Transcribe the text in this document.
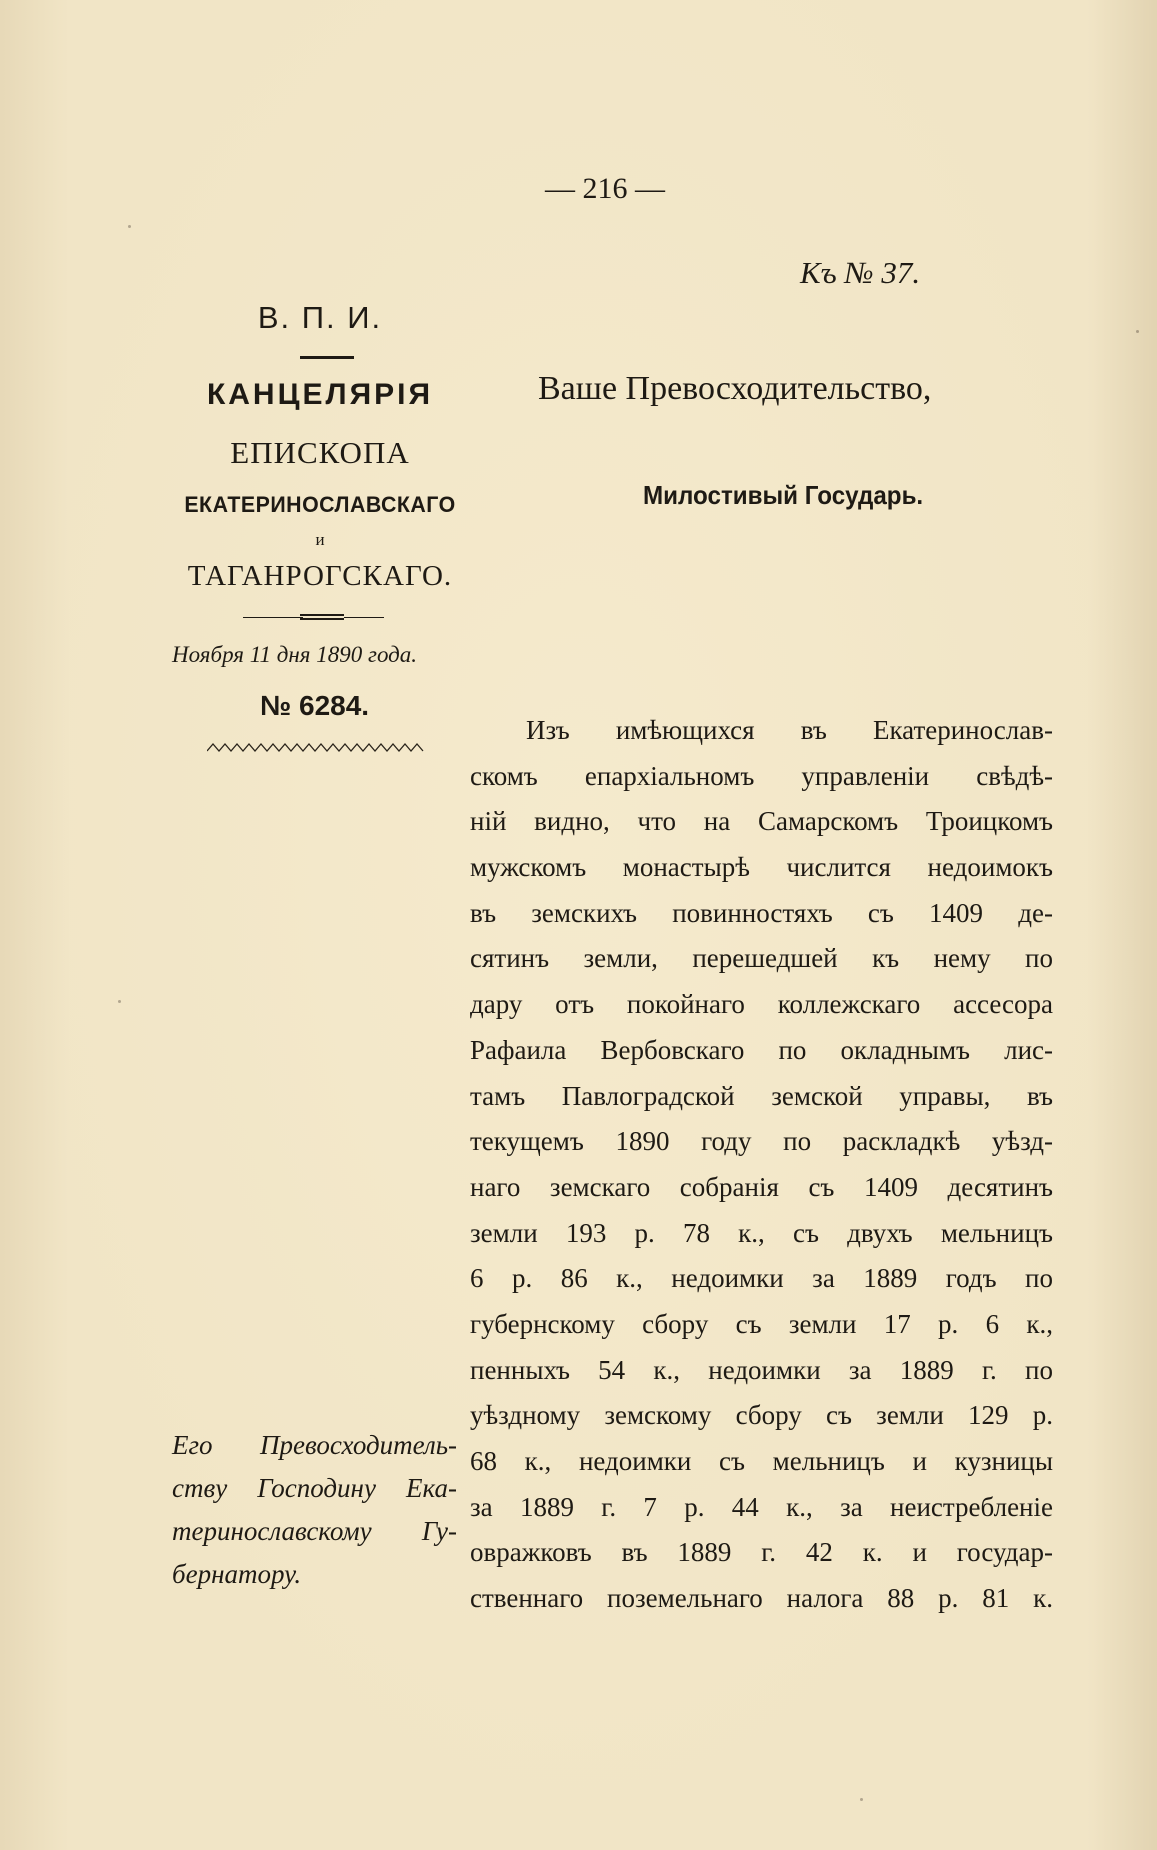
— 216 —
Къ № 37.
В. П. И.
КАНЦЕЛЯРІЯ
ЕПИСКОПА
ЕКАТЕРИНОСЛАВСКАГО
и
ТАГАНРОГСКАГО.
Ноября 11 дня 1890 года.
№ 6284.
Его Превосходитель-ству Господину Ека-теринославскому Гу-бернатору.
Ваше Превосходительство,
Милостивый Государь.
Изъ имѣющихся въ Екатеринослав-
скомъ епархіальномъ управленіи свѣдѣ-
ній видно, что на Самарскомъ Троицкомъ
мужскомъ монастырѣ числится недоимокъ
въ земскихъ повинностяхъ съ 1409 де-
сятинъ земли, перешедшей къ нему по
дару отъ покойнаго коллежскаго ассесора
Рафаила Вербовскаго по окладнымъ лис-
тамъ Павлоградской земской управы, въ
текущемъ 1890 году по раскладкѣ уѣзд-
наго земскаго собранія съ 1409 десятинъ
земли 193 р. 78 к., съ двухъ мельницъ
6 р. 86 к., недоимки за 1889 годъ по
губернскому сбору съ земли 17 р. 6 к.,
пенныхъ 54 к., недоимки за 1889 г. по
уѣздному земскому сбору съ земли 129 р.
68 к., недоимки съ мельницъ и кузницы
за 1889 г. 7 р. 44 к., за неистребленіе
овражковъ въ 1889 г. 42 к. и государ-
ственнаго поземельнаго налога 88 р. 81 к.
